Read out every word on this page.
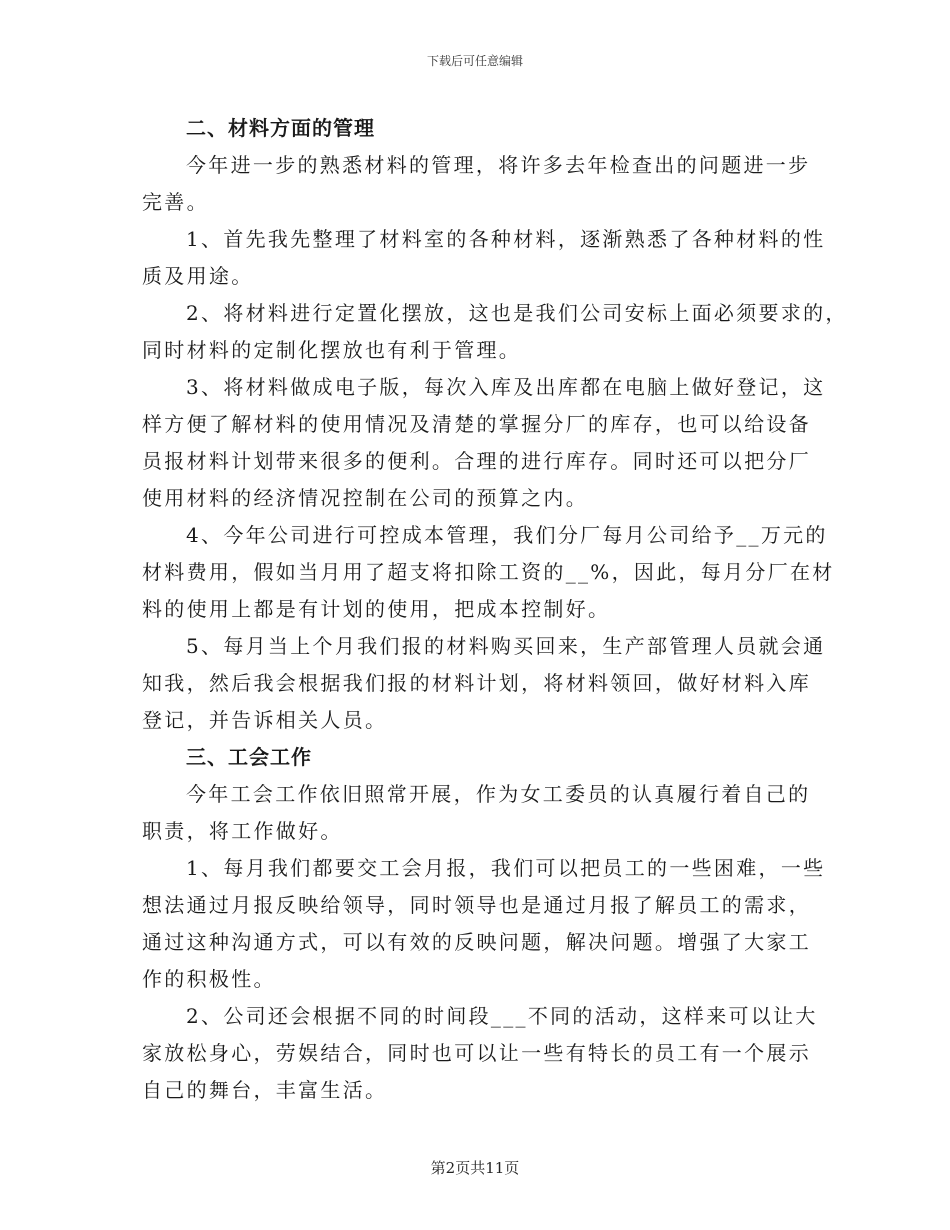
下载后可任意编辑
二、材料方面的管理
今年进一步的熟悉材料的管理，将许多去年检查出的问题进一步
完善。
1、首先我先整理了材料室的各种材料，逐渐熟悉了各种材料的性
质及用途。
2、将材料进行定置化摆放，这也是我们公司安标上面必须要求的，
同时材料的定制化摆放也有利于管理。
3、将材料做成电子版，每次入库及出库都在电脑上做好登记，这
样方便了解材料的使用情况及清楚的掌握分厂的库存，也可以给设备
员报材料计划带来很多的便利。合理的进行库存。同时还可以把分厂
使用材料的经济情况控制在公司的预算之内。
4、今年公司进行可控成本管理，我们分厂每月公司给予__万元的
材料费用，假如当月用了超支将扣除工资的__%，因此，每月分厂在材
料的使用上都是有计划的使用，把成本控制好。
5、每月当上个月我们报的材料购买回来，生产部管理人员就会通
知我，然后我会根据我们报的材料计划，将材料领回，做好材料入库
登记，并告诉相关人员。
三、工会工作
今年工会工作依旧照常开展，作为女工委员的认真履行着自己的
职责，将工作做好。
1、每月我们都要交工会月报，我们可以把员工的一些困难，一些
想法通过月报反映给领导，同时领导也是通过月报了解员工的需求，
通过这种沟通方式，可以有效的反映问题，解决问题。增强了大家工
作的积极性。
2、公司还会根据不同的时间段___不同的活动，这样来可以让大
家放松身心，劳娱结合，同时也可以让一些有特长的员工有一个展示
自己的舞台，丰富生活。
第2页共11页
